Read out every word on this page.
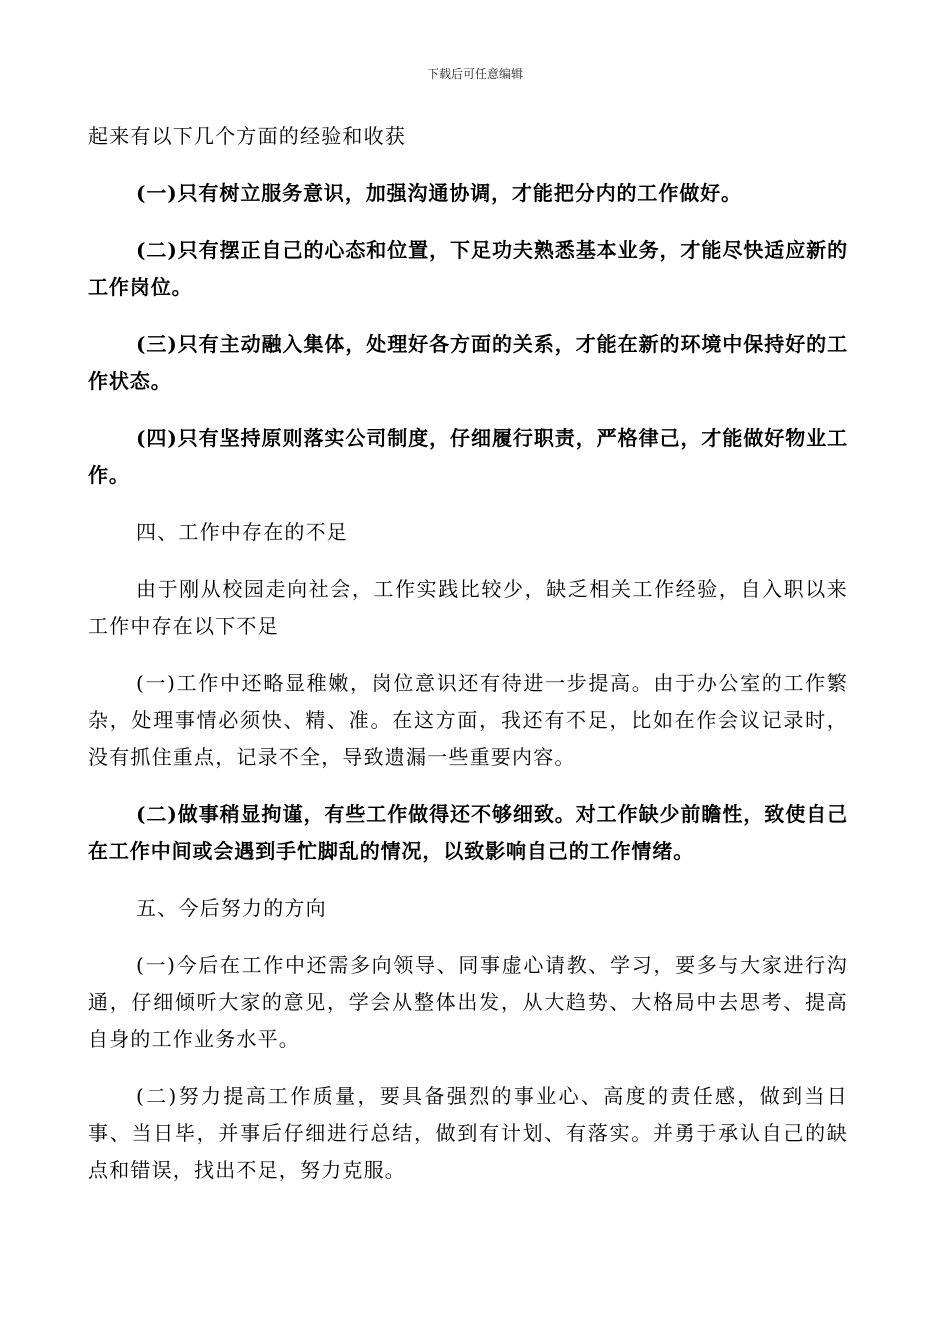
下载后可任意编辑

起来有以下几个方面的经验和收获

(一)只有树立服务意识，加强沟通协调，才能把分内的工作做好。

(二)只有摆正自己的心态和位置，下足功夫熟悉基本业务，才能尽快适应新的工作岗位。

(三)只有主动融入集体，处理好各方面的关系，才能在新的环境中保持好的工作状态。

(四)只有坚持原则落实公司制度，仔细履行职责，严格律己，才能做好物业工作。

四、工作中存在的不足

由于刚从校园走向社会，工作实践比较少，缺乏相关工作经验，自入职以来工作中存在以下不足

(一)工作中还略显稚嫩，岗位意识还有待进一步提高。由于办公室的工作繁杂，处理事情必须快、精、准。在这方面，我还有不足，比如在作会议记录时，没有抓住重点，记录不全，导致遗漏一些重要内容。

(二)做事稍显拘谨，有些工作做得还不够细致。对工作缺少前瞻性，致使自己在工作中间或会遇到手忙脚乱的情况，以致影响自己的工作情绪。

五、今后努力的方向

(一)今后在工作中还需多向领导、同事虚心请教、学习，要多与大家进行沟通，仔细倾听大家的意见，学会从整体出发，从大趋势、大格局中去思考、提高自身的工作业务水平。

(二)努力提高工作质量，要具备强烈的事业心、高度的责任感，做到当日事、当日毕，并事后仔细进行总结，做到有计划、有落实。并勇于承认自己的缺点和错误，找出不足，努力克服。
